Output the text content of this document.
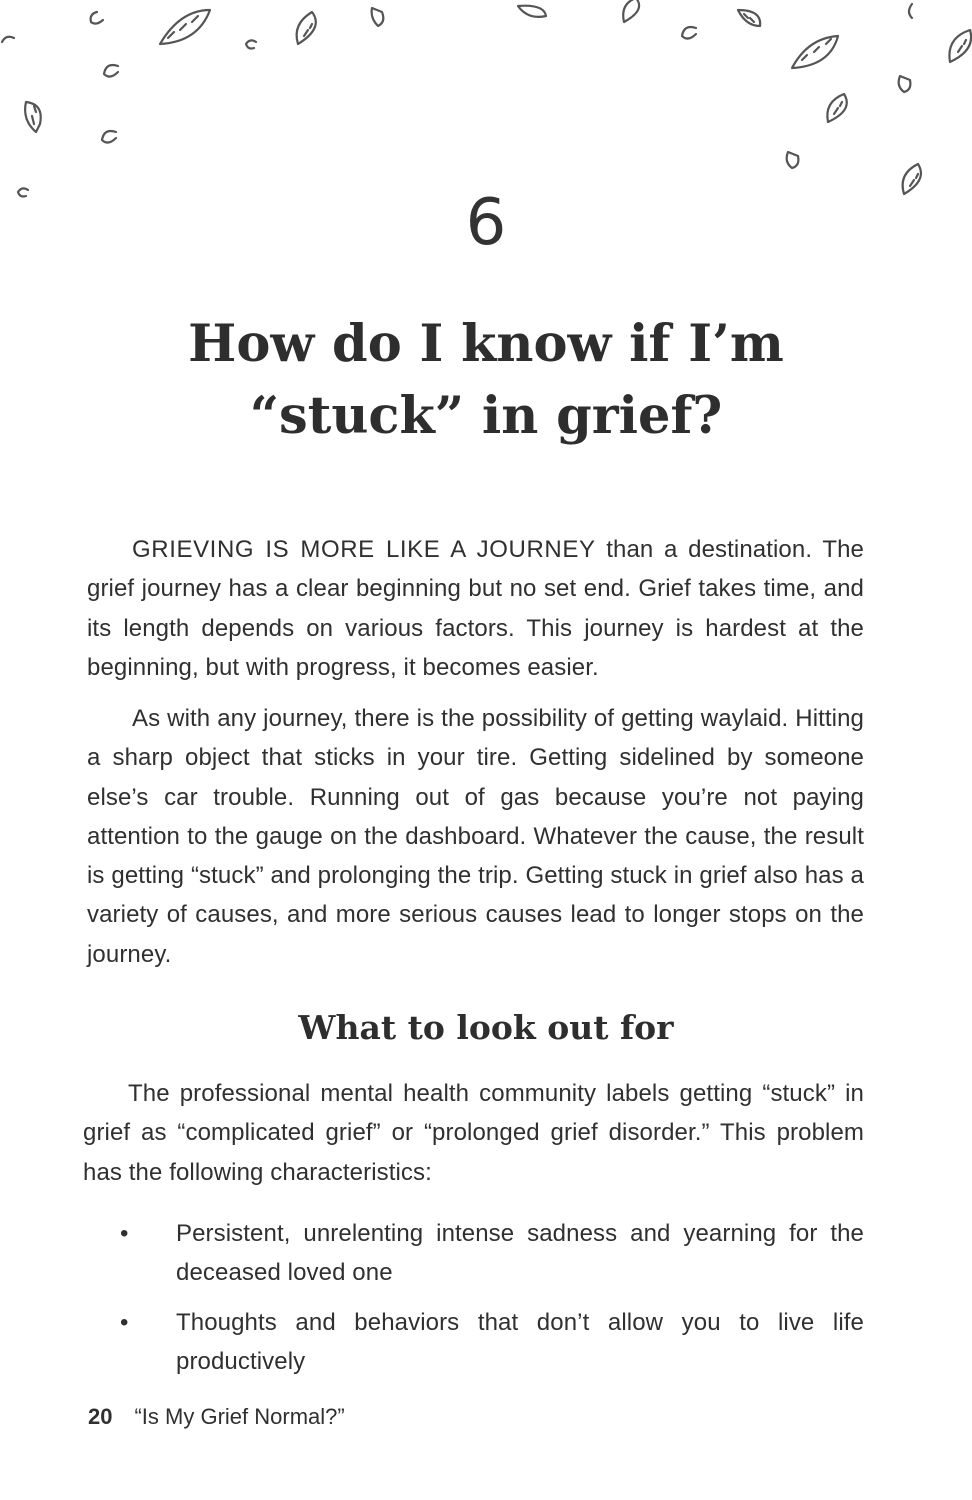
6
How do I know if I’m
“stuck” in grief?

GRIEVING IS MORE LIKE A JOURNEY than a destination. The grief journey has a clear beginning but no set end. Grief takes time, and its length depends on various factors. This journey is hardest at the beginning, but with progress, it becomes easier.

As with any journey, there is the possibility of getting waylaid. Hitting a sharp object that sticks in your tire. Getting sidelined by someone else’s car trouble. Running out of gas because you’re not paying attention to the gauge on the dashboard. Whatever the cause, the result is getting “stuck” and prolonging the trip. Getting stuck in grief also has a variety of causes, and more serious causes lead to longer stops on the journey.

What to look out for

The professional mental health community labels getting “stuck” in grief as “complicated grief” or “prolonged grief disorder.” This problem has the following characteristics:

•	Persistent, unrelenting intense sadness and yearning for the deceased loved one
•	Thoughts and behaviors that don’t allow you to live life productively
20 “Is My Grief Normal?”
